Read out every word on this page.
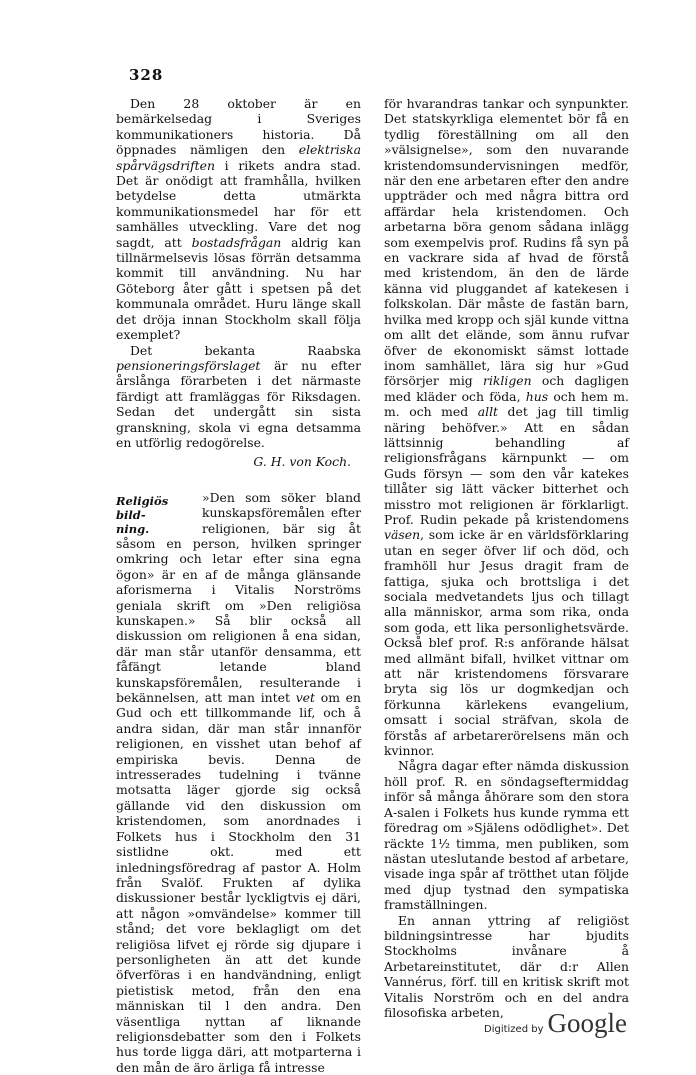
328

Den 28 oktober är en bemärkelsedag i Sveriges kommunikationers historia. Då öppnades nämligen den elektriska spårvägsdriften i rikets andra stad. Det är onödigt att framhålla, hvilken betydelse detta utmärkta kommunikationsmedel har för ett samhälles utveckling. Vare det nog sagdt, att bostadsfrågan aldrig kan tillnärmelsevis lösas förrän detsamma kommit till användning. Nu har Göteborg åter gått i spetsen på det kommunala området. Huru länge skall det dröja innan Stockholm skall följa exemplet?

Det bekanta Raabska pensioneringsförslaget är nu efter årslånga förarbeten i det närmaste färdigt att framläggas för Riksdagen. Sedan det undergått sin sista granskning, skola vi egna detsamma en utförlig redogörelse.

G. H. von Koch.
Religiös bild-ning.

»Den som söker bland kunskapsföremålen efter religionen, bär sig åt såsom en person, hvilken springer omkring och letar efter sina egna ögon» är en af de många glänsande aforismerna i Vitalis Norströms geniala skrift om »Den religiösa kunskapen.» Så blir också all diskussion om religionen å ena sidan, där man står utanför densamma, ett fåfängt letande bland kunskapsföremålen, resulterande i bekännelsen, att man intet vet om en Gud och ett tillkommande lif, och å andra sidan, där man står innanför religionen, en visshet utan behof af empiriska bevis. Denna de intresserades tudelning i tvänne motsatta läger gjorde sig också gällande vid den diskussion om kristendomen, som anordnades i Folkets hus i Stockholm den 31 sistlidne okt. med ett inledningsföredrag af pastor A. Holm från Svalöf. Frukten af dylika diskussioner består lyckligtvis ej däri, att någon »omvändelse» kommer till stånd; det vore beklagligt om det religiösa lifvet ej rörde sig djupare i personligheten än att det kunde öfverföras i en handvändning, enligt pietistisk metod, från den ena människan til l den andra. Den väsentliga nyttan af liknande religionsdebatter som den i Folkets hus torde ligga däri, att motparterna i den mån de äro ärliga få intresse

för hvarandras tankar och synpunkter. Det statskyrkliga elementet bör få en tydlig föreställning om all den »välsignelse», som den nuvarande kristendomsundervisningen medför, när den ene arbetaren efter den andre uppträder och med några bittra ord affärdar hela kristendomen. Och arbetarna böra genom sådana inlägg som exempelvis prof. Rudins få syn på en vackrare sida af hvad de förstå med kristendom, än den de lärde känna vid pluggandet af katekesen i folkskolan. Där måste de fastän barn, hvilka med kropp och själ kunde vittna om allt det elände, som ännu rufvar öfver de ekonomiskt sämst lottade inom samhället, lära sig hur »Gud försörjer mig rikligen och dagligen med kläder och föda, hus och hem m. m. och med allt det jag till timlig näring behöfver.» Att en sådan lättsinnig behandling af religionsfrågans kärnpunkt — om Guds försyn — som den vår katekes tillåter sig lätt väcker bitterhet och misstro mot religionen är förklarligt. Prof. Rudin pekade på kristendomens väsen, som icke är en världsförklaring utan en seger öfver lif och död, och framhöll hur Jesus dragit fram de fattiga, sjuka och brottsliga i det sociala medvetandets ljus och tillagt alla människor, arma som rika, onda som goda, ett lika personlighetsvärde. Också blef prof. R:s anförande hälsat med allmänt bifall, hvilket vittnar om att när kristendomens försvarare bryta sig lös ur dogmkedjan och förkunna kärlekens evangelium, omsatt i social sträfvan, skola de förstås af arbetarerörelsens män och kvinnor.

Några dagar efter nämda diskussion höll prof. R. en söndagseftermiddag inför så många åhörare som den stora A-salen i Folkets hus kunde rymma ett föredrag om »Själens odödlighet». Det räckte 1½ timma, men publiken, som nästan uteslutande bestod af arbetare, visade inga spår af trötthet utan följde med djup tystnad den sympatiska framställningen.

En annan yttring af religiöst bildningsintresse har bjudits Stockholms invånare å Arbetareinstitutet, där d:r Allen Vannérus, förf. till en kritisk skrift mot Vitalis Norström och en del andra filosofiska arbeten,

Digitized by Google
